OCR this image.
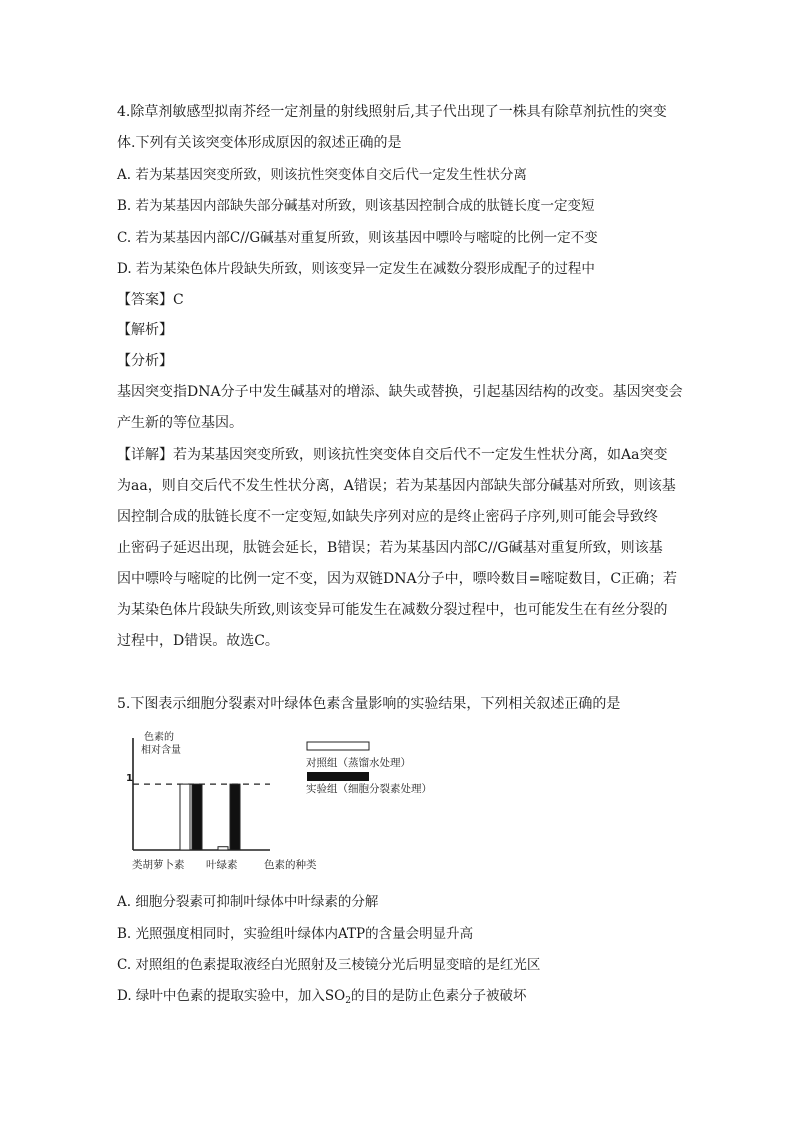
4.除草剂敏感型拟南芥经一定剂量的射线照射后,其子代出现了一株具有除草剂抗性的突变
体.下列有关该突变体形成原因的叙述正确的是
A. 若为某基因突变所致，则该抗性突变体自交后代一定发生性状分离
B. 若为某基因内部缺失部分碱基对所致，则该基因控制合成的肽链长度一定变短
C. 若为某基因内部C//G碱基对重复所致，则该基因中嘌呤与嘧啶的比例一定不变
D. 若为某染色体片段缺失所致，则该变异一定发生在减数分裂形成配子的过程中
【答案】C
【解析】
【分析】
基因突变指DNA分子中发生碱基对的增添、缺失或替换，引起基因结构的改变。基因突变会
产生新的等位基因。
【详解】若为某基因突变所致，则该抗性突变体自交后代不一定发生性状分离，如Aa突变
为aa，则自交后代不发生性状分离，A错误；若为某基因内部缺失部分碱基对所致，则该基
因控制合成的肽链长度不一定变短,如缺失序列对应的是终止密码子序列,则可能会导致终
止密码子延迟出现，肽链会延长，B错误；若为某基因内部C//G碱基对重复所致，则该基
因中嘌呤与嘧啶的比例一定不变，因为双链DNA分子中，嘌呤数目=嘧啶数目，C正确；若
为某染色体片段缺失所致,则该变异可能发生在减数分裂过程中，也可能发生在有丝分裂的
过程中，D错误。故选C。
5.下图表示细胞分裂素对叶绿体色素含量影响的实验结果，下列相关叙述正确的是
色素的
相对含量
1
类胡萝卜素 叶绿素	色素的种类
对照组（蒸馏水处理）
实验组（细胞分裂素处理）
A. 细胞分裂素可抑制叶绿体中叶绿素的分解
B. 光照强度相同时，实验组叶绿体内ATP的含量会明显升高
C. 对照组的色素提取液经白光照射及三棱镜分光后明显变暗的是红光区
D. 绿叶中色素的提取实验中，加入$SO_2$的目的是防止色素分子被破坏
